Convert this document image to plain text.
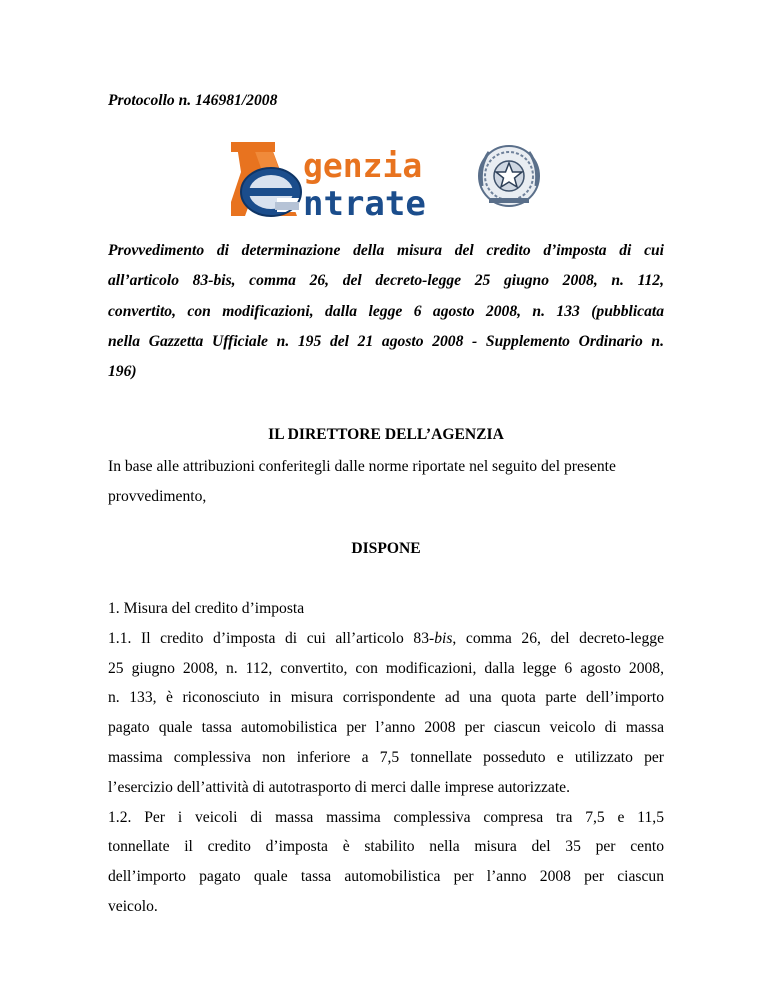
Protocollo n. 146981/2008
genzia
ntrate
Provvedimento di determinazione della misura del credito d’imposta di cui
all’articolo 83-bis, comma 26, del decreto-legge 25 giugno 2008, n. 112,
convertito, con modificazioni, dalla legge 6 agosto 2008, n. 133 (pubblicata
nella Gazzetta Ufficiale n. 195 del 21 agosto 2008 - Supplemento Ordinario n.
196)
IL DIRETTORE DELL’AGENZIA
In base alle attribuzioni conferitegli dalle norme riportate nel seguito del presente
provvedimento,
DISPONE
1. Misura del credito d’imposta
1.1. Il credito d’imposta di cui all’articolo 83-bis, comma 26, del decreto-legge
25 giugno 2008, n. 112, convertito, con modificazioni, dalla legge 6 agosto 2008,
n. 133, è riconosciuto in misura corrispondente ad una quota parte dell’importo
pagato quale tassa automobilistica per l’anno 2008 per ciascun veicolo di massa
massima complessiva non inferiore a 7,5 tonnellate posseduto e utilizzato per
l’esercizio dell’attività di autotrasporto di merci dalle imprese autorizzate.
1.2. Per i veicoli di massa massima complessiva compresa tra 7,5 e 11,5
tonnellate il credito d’imposta è stabilito nella misura del 35 per cento
dell’importo pagato quale tassa automobilistica per l’anno 2008 per ciascun
veicolo.
